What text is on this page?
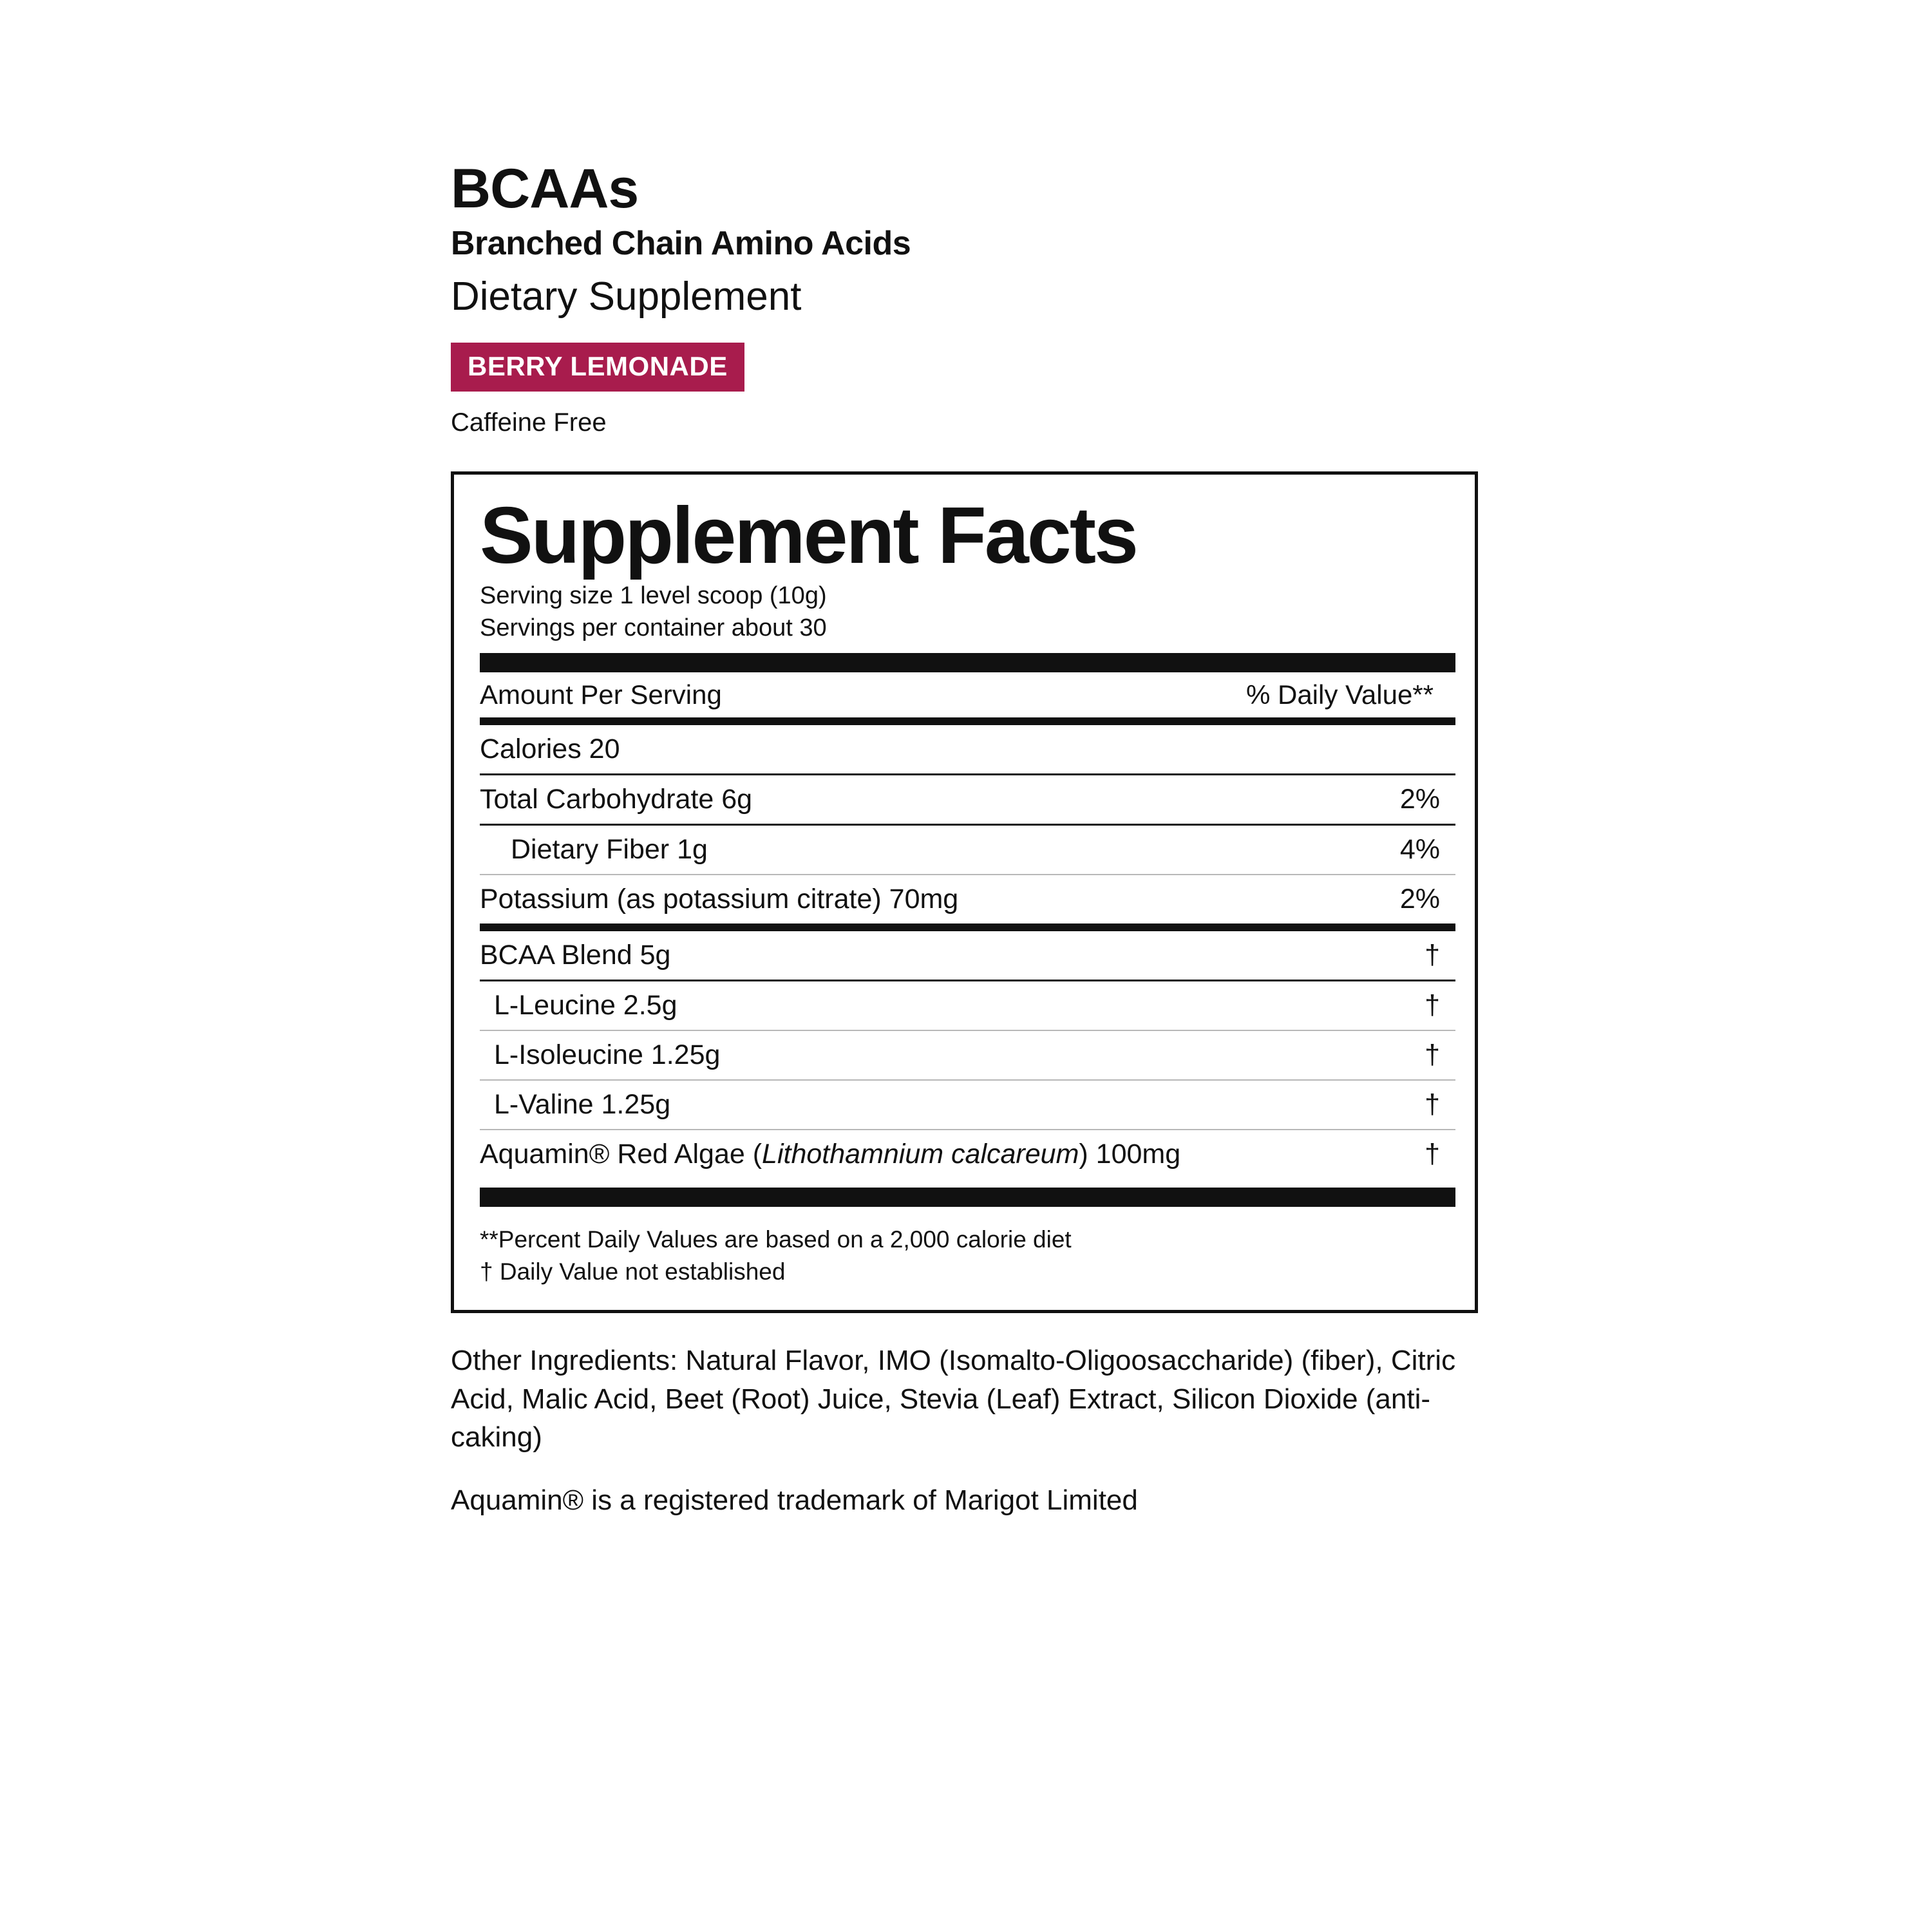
BCAAs
Branched Chain Amino Acids
Dietary Supplement
BERRY LEMONADE
Caffeine Free
Supplement Facts
Serving size 1 level scoop (10g)
Servings per container about 30
Amount Per Serving	% Daily Value**
Calories 20
Total Carbohydrate 6g	2%
Dietary Fiber 1g	4%
Potassium (as potassium citrate) 70mg	2%
BCAA Blend 5g	†
L-Leucine 2.5g	†
L-Isoleucine 1.25g	†
L-Valine 1.25g	†
Aquamin® Red Algae (Lithothamnium calcareum) 100mg	†
**Percent Daily Values are based on a 2,000 calorie diet
† Daily Value not established
Other Ingredients: Natural Flavor, IMO (Isomalto-Oligoosaccharide) (fiber), Citric Acid, Malic Acid, Beet (Root) Juice, Stevia (Leaf) Extract, Silicon Dioxide (anti-caking)
Aquamin® is a registered trademark of Marigot Limited
